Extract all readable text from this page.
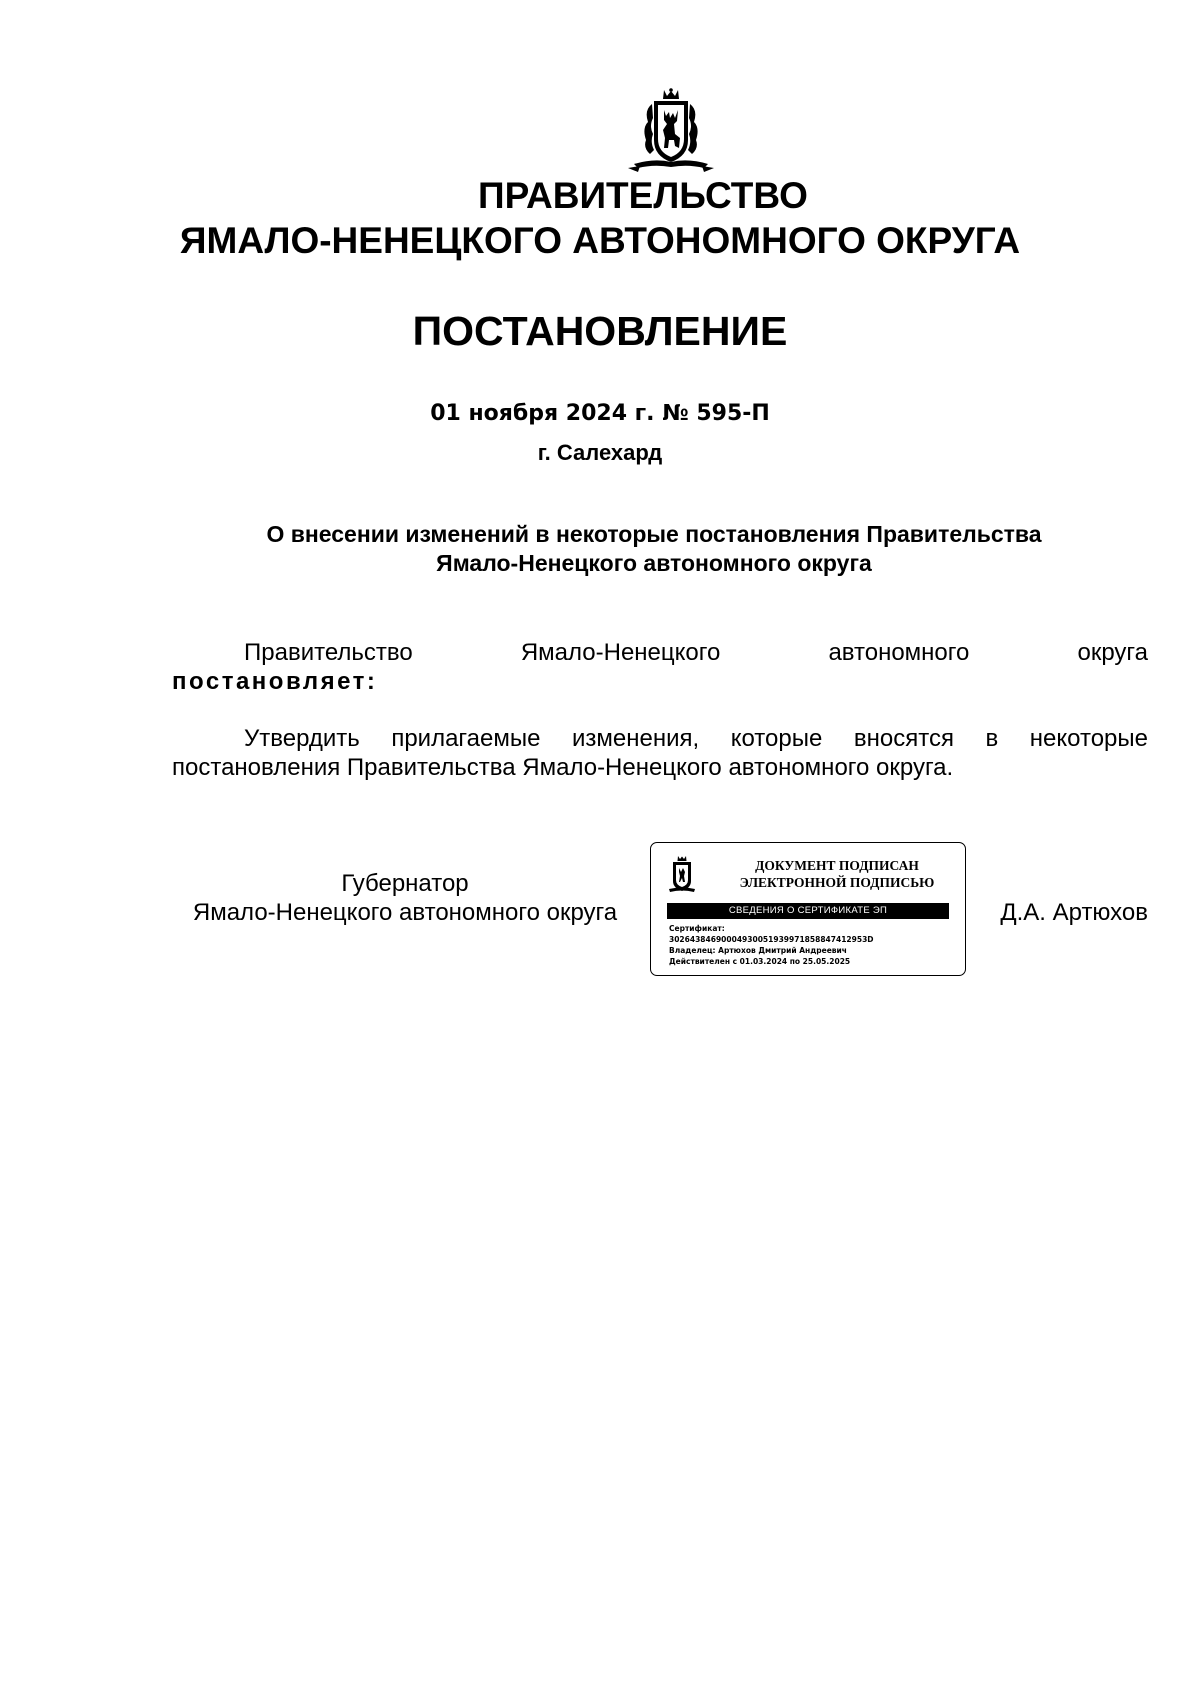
ПРАВИТЕЛЬСТВО
ЯМАЛО-НЕНЕЦКОГО АВТОНОМНОГО ОКРУГА
ПОСТАНОВЛЕНИЕ
01 ноября 2024 г. № 595-П
г. Салехард
О внесении изменений в некоторые постановления Правительства
Ямало-Ненецкого автономного округа
Правительство	Ямало-Ненецкого	автономного	округа
постановляет:
Утвердить прилагаемые изменения, которые вносятся в некоторые постановления Правительства Ямало-Ненецкого автономного округа.
Губернатор
Ямало-Ненецкого автономного округа
ДОКУМЕНТ ПОДПИСАН
ЭЛЕКТРОННОЙ ПОДПИСЬЮ
СВЕДЕНИЯ О СЕРТИФИКАТЕ ЭП
Сертификат:
30264384690004930051939971858847412953D
Владелец: Артюхов Дмитрий Андреевич
Действителен с 01.03.2024 по 25.05.2025
Д.А. Артюхов
